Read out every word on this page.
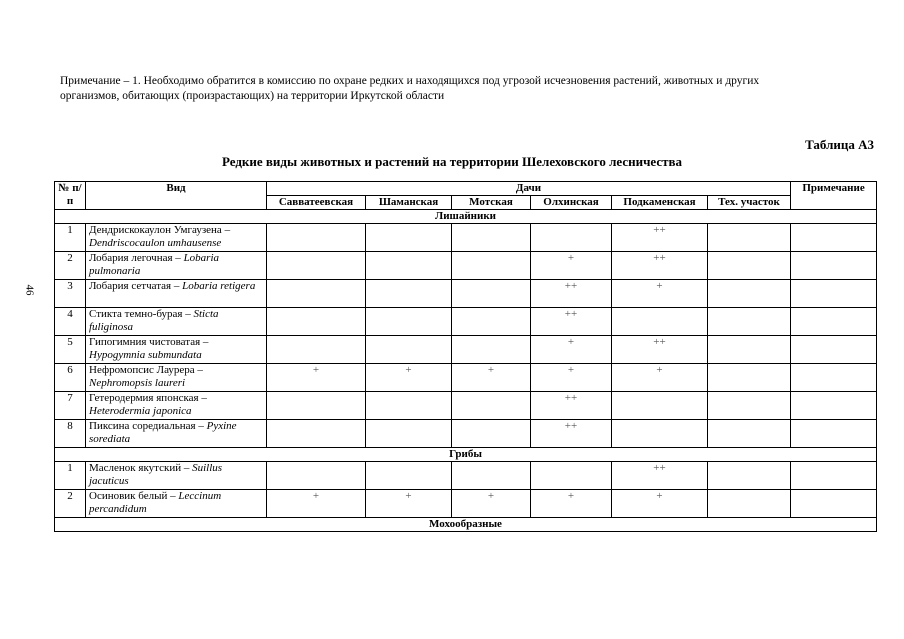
Примечание – 1. Необходимо обратится в комиссию по охране редких и находящихся под угрозой исчезновения растений, животных и других организмов, обитающих (произрастающих) на территории Иркутской области
46
Таблица А3
Редкие виды животных и растений на территории Шелеховского лесничества
№ п/п	Вид	Дачи						Примечание
		Савватеевская	Шаманская	Мотская	Олхинская	Подкаменская	Тех. участок	
Лишайники								
1	Дендрискокаулон Умгаузена – Dendriscocaulon umhausense					++		
2	Лобария легочная – Lobaria pulmonaria				+	++		
3	Лобария сетчатая – Lobaria retigera				++	+		
4	Стикта темно-бурая – Sticta fuliginosa				++			
5	Гипогимния чистоватая – Hypogymnia submundata				+	++		
6	Нефромопсис Лаурера – Nephromopsis laureri	+	+	+	+	+		
7	Гетеродермия японская – Heterodermia japonica				++			
8	Пиксина соредиальная – Pyxine sorediata				++			
Грибы								
1	Масленок якутский – Suillus jacuticus					++		
2	Осиновик белый – Leccinum percandidum	+	+	+	+	+		
Мохообразные								
